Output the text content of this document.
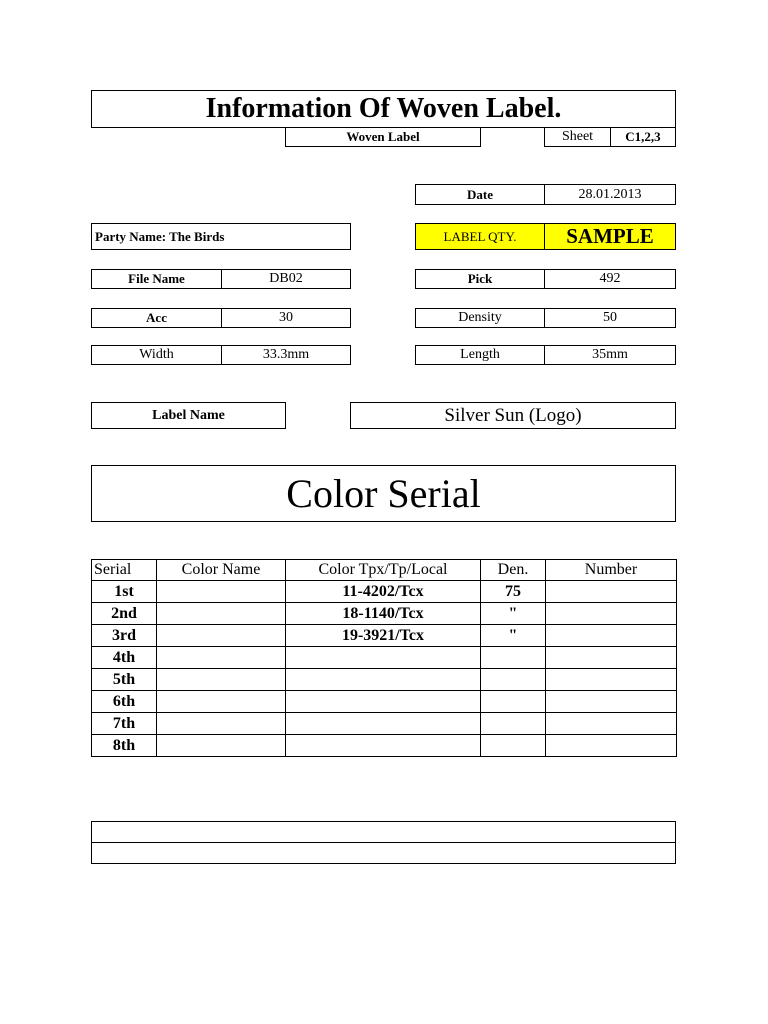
Information Of Woven Label.
Woven Label	Sheet	C1,2,3
Date	28.01.2013
Party Name: The Birds	LABEL QTY.	SAMPLE
File Name	DB02	Pick	492
Acc	30	Density	50
Width	33.3mm	Length	35mm
Label Name	Silver Sun (Logo)
Color Serial
Serial	Color Name	Color Tpx/Tp/Local	Den.	Number
1st		11-4202/Tcx	75	
2nd		18-1140/Tcx	"	
3rd		19-3921/Tcx	"	
4th				
5th				
6th				
7th				
8th				
